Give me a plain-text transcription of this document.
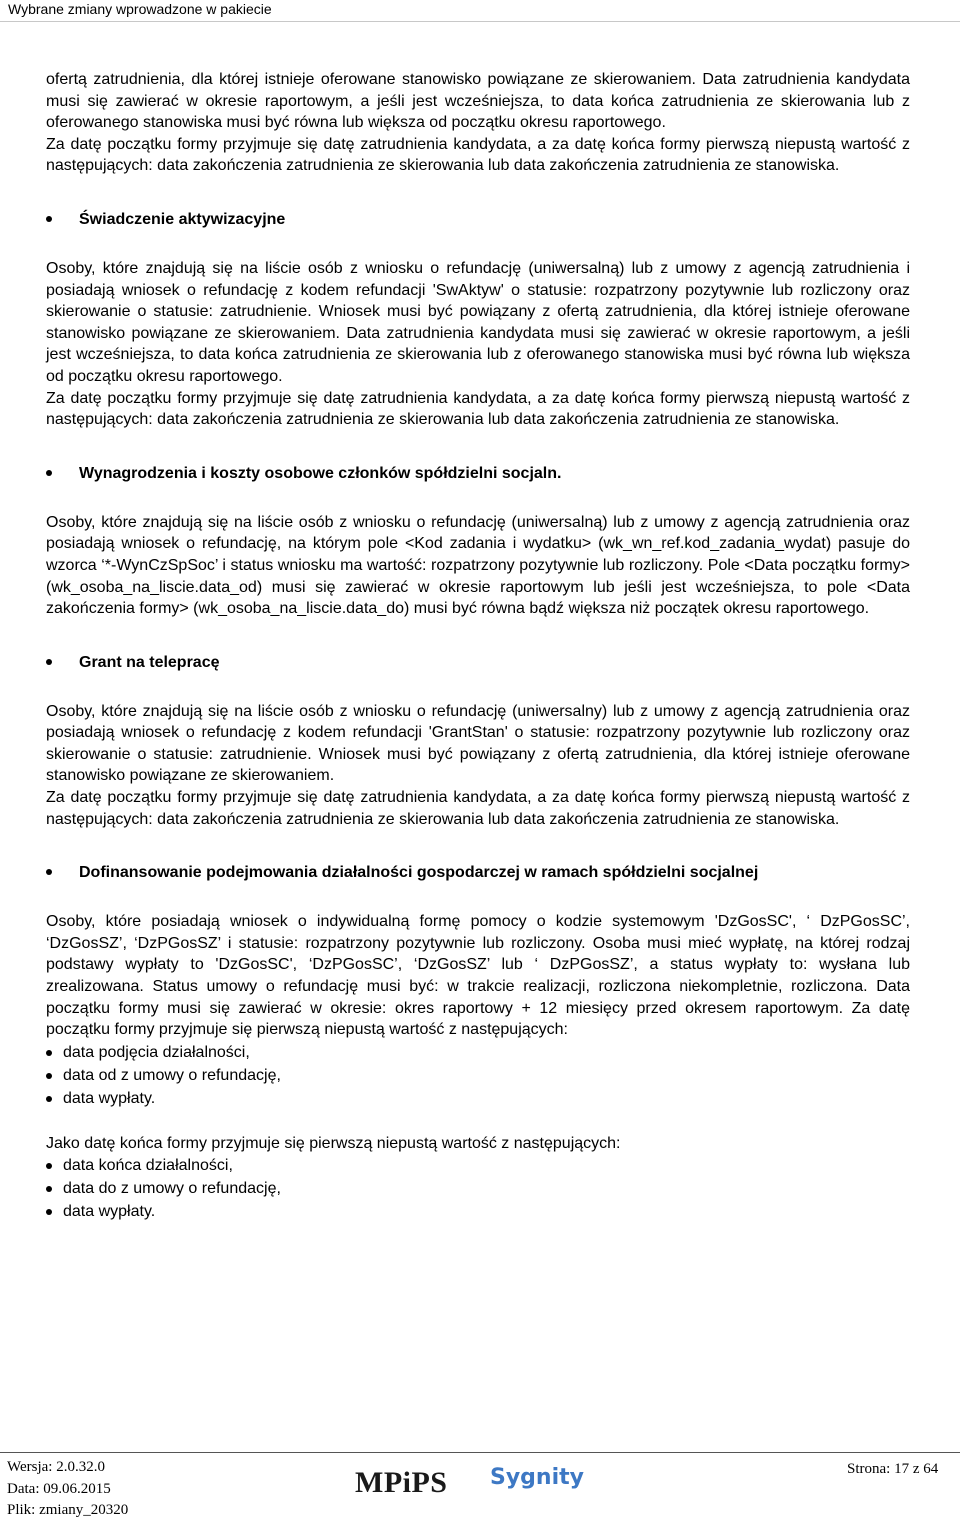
Wybrane zmiany wprowadzone w pakiecie

ofertą zatrudnienia, dla której istnieje oferowane stanowisko powiązane ze skierowaniem. Data zatrudnienia kandydata musi się zawierać w okresie raportowym, a jeśli jest wcześniejsza, to data końca zatrudnienia ze skierowania lub z oferowanego stanowiska musi być równa lub większa od początku okresu raportowego.

Za datę początku formy przyjmuje się datę zatrudnienia kandydata, a za datę końca formy pierwszą niepustą wartość z następujących: data zakończenia zatrudnienia ze skierowania lub data zakończenia zatrudnienia ze stanowiska.

Świadczenie aktywizacyjne

Osoby, które znajdują się na liście osób z wniosku o refundację (uniwersalną) lub z umowy z agencją zatrudnienia i posiadają wniosek o refundację z kodem refundacji 'SwAktyw' o statusie: rozpatrzony pozytywnie lub rozliczony oraz skierowanie o statusie: zatrudnienie. Wniosek musi być powiązany z ofertą zatrudnienia, dla której istnieje oferowane stanowisko powiązane ze skierowaniem. Data zatrudnienia kandydata musi się zawierać w okresie raportowym, a jeśli jest wcześniejsza, to data końca zatrudnienia ze skierowania lub z oferowanego stanowiska musi być równa lub większa od początku okresu raportowego.

Za datę początku formy przyjmuje się datę zatrudnienia kandydata, a za datę końca formy pierwszą niepustą wartość z następujących: data zakończenia zatrudnienia ze skierowania lub data zakończenia zatrudnienia ze stanowiska.

Wynagrodzenia i koszty osobowe członków spółdzielni socjaln.

Osoby, które znajdują się na liście osób z wniosku o refundację (uniwersalną) lub z umowy z agencją zatrudnienia oraz posiadają wniosek o refundację, na którym pole <Kod zadania i wydatku> (wk_wn_ref.kod_zadania_wydat) pasuje do wzorca ‘*-WynCzSpSoc’ i status wniosku ma wartość: rozpatrzony pozytywnie lub rozliczony. Pole <Data początku formy> (wk_osoba_na_liscie.data_od) musi się zawierać w okresie raportowym lub jeśli jest wcześniejsza, to pole <Data zakończenia formy> (wk_osoba_na_liscie.data_do) musi być równa bądź większa niż początek okresu raportowego.

Grant na telepracę

Osoby, które znajdują się na liście osób z wniosku o refundację (uniwersalny) lub z umowy z agencją zatrudnienia oraz posiadają wniosek o refundację z kodem refundacji 'GrantStan' o statusie: rozpatrzony pozytywnie lub rozliczony oraz skierowanie o statusie: zatrudnienie. Wniosek musi być powiązany z ofertą zatrudnienia, dla której istnieje oferowane stanowisko powiązane ze skierowaniem.

Za datę początku formy przyjmuje się datę zatrudnienia kandydata, a za datę końca formy pierwszą niepustą wartość z następujących: data zakończenia zatrudnienia ze skierowania lub data zakończenia zatrudnienia ze stanowiska.

Dofinansowanie podejmowania działalności gospodarczej w ramach spółdzielni socjalnej

Osoby, które posiadają wniosek o indywidualną formę pomocy o kodzie systemowym 'DzGosSC', ‘ DzPGosSC’, ‘DzGosSZ’, ‘DzPGosSZ’ i statusie: rozpatrzony pozytywnie lub rozliczony. Osoba musi mieć wypłatę, na której rodzaj podstawy wypłaty to 'DzGosSC', ‘DzPGosSC’, ‘DzGosSZ’ lub ‘ DzPGosSZ’, a status wypłaty to: wysłana lub zrealizowana. Status umowy o refundację musi być: w trakcie realizacji, rozliczona niekompletnie, rozliczona. Data początku formy musi się zawierać w okresie: okres raportowy + 12 miesięcy przed okresem raportowym. Za datę początku formy przyjmuje się pierwszą niepustą wartość z następujących:

data podjęcia działalności,
data od z umowy o refundację,
data wypłaty.

Jako datę końca formy przyjmuje się pierwszą niepustą wartość z następujących:

data końca działalności,
data do z umowy o refundację,
data wypłaty.
Wersja: 2.0.32.0
Data: 09.06.2015
Plik: zmiany_20320
MPiPS Sygnity	Strona: 17 z 64
